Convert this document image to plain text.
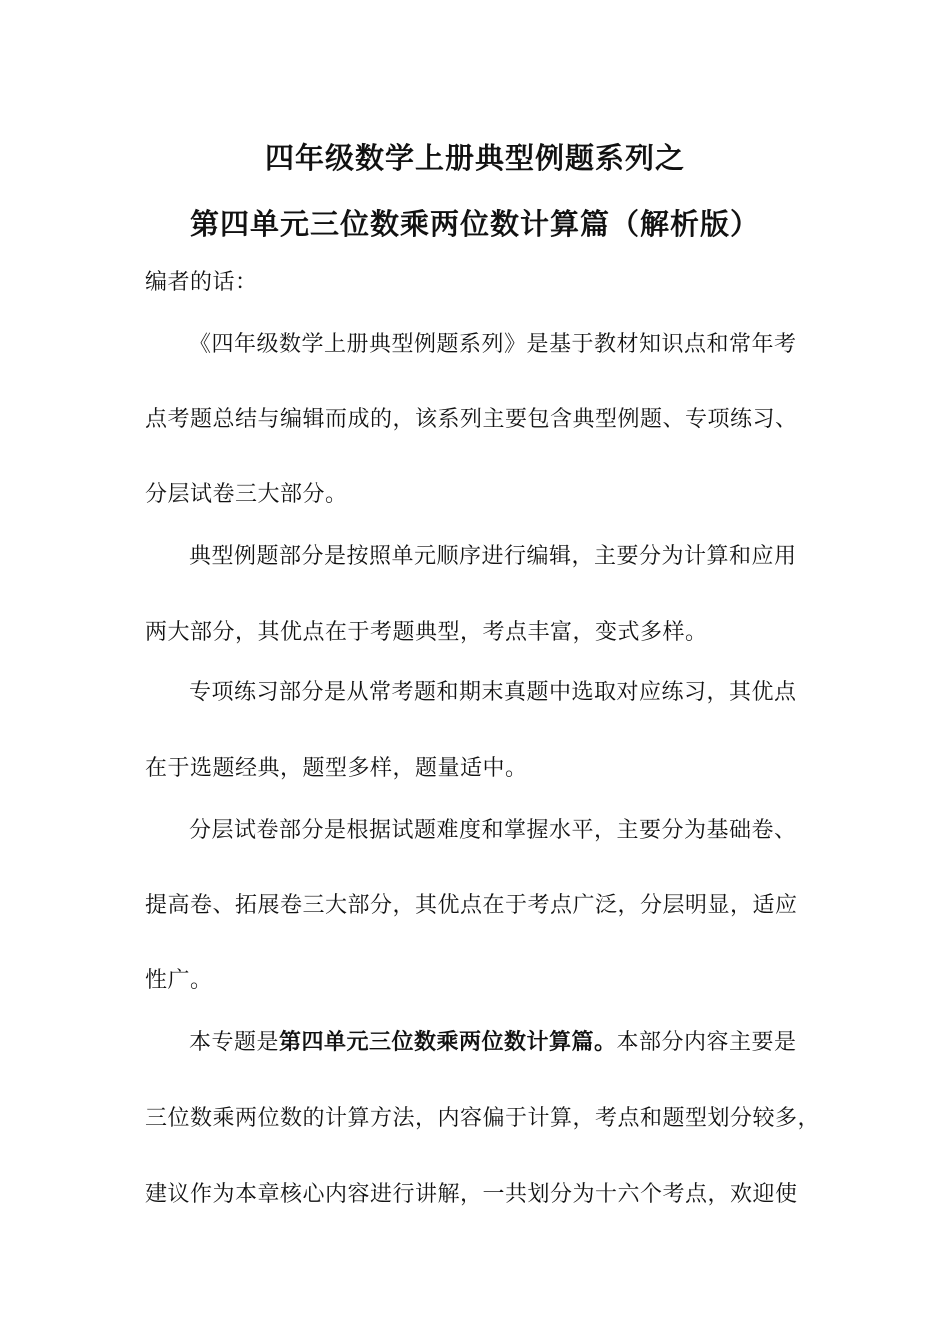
四年级数学上册典型例题系列之
第四单元三位数乘两位数计算篇（解析版）
编者的话：
《四年级数学上册典型例题系列》是基于教材知识点和常年考
点考题总结与编辑而成的，该系列主要包含典型例题、专项练习、
分层试卷三大部分。
典型例题部分是按照单元顺序进行编辑，主要分为计算和应用
两大部分，其优点在于考题典型，考点丰富，变式多样。
专项练习部分是从常考题和期末真题中选取对应练习，其优点
在于选题经典，题型多样，题量适中。
分层试卷部分是根据试题难度和掌握水平，主要分为基础卷、
提高卷、拓展卷三大部分，其优点在于考点广泛，分层明显，适应
性广。
本专题是第四单元三位数乘两位数计算篇。本部分内容主要是
三位数乘两位数的计算方法，内容偏于计算，考点和题型划分较多，
建议作为本章核心内容进行讲解，一共划分为十六个考点，欢迎使
